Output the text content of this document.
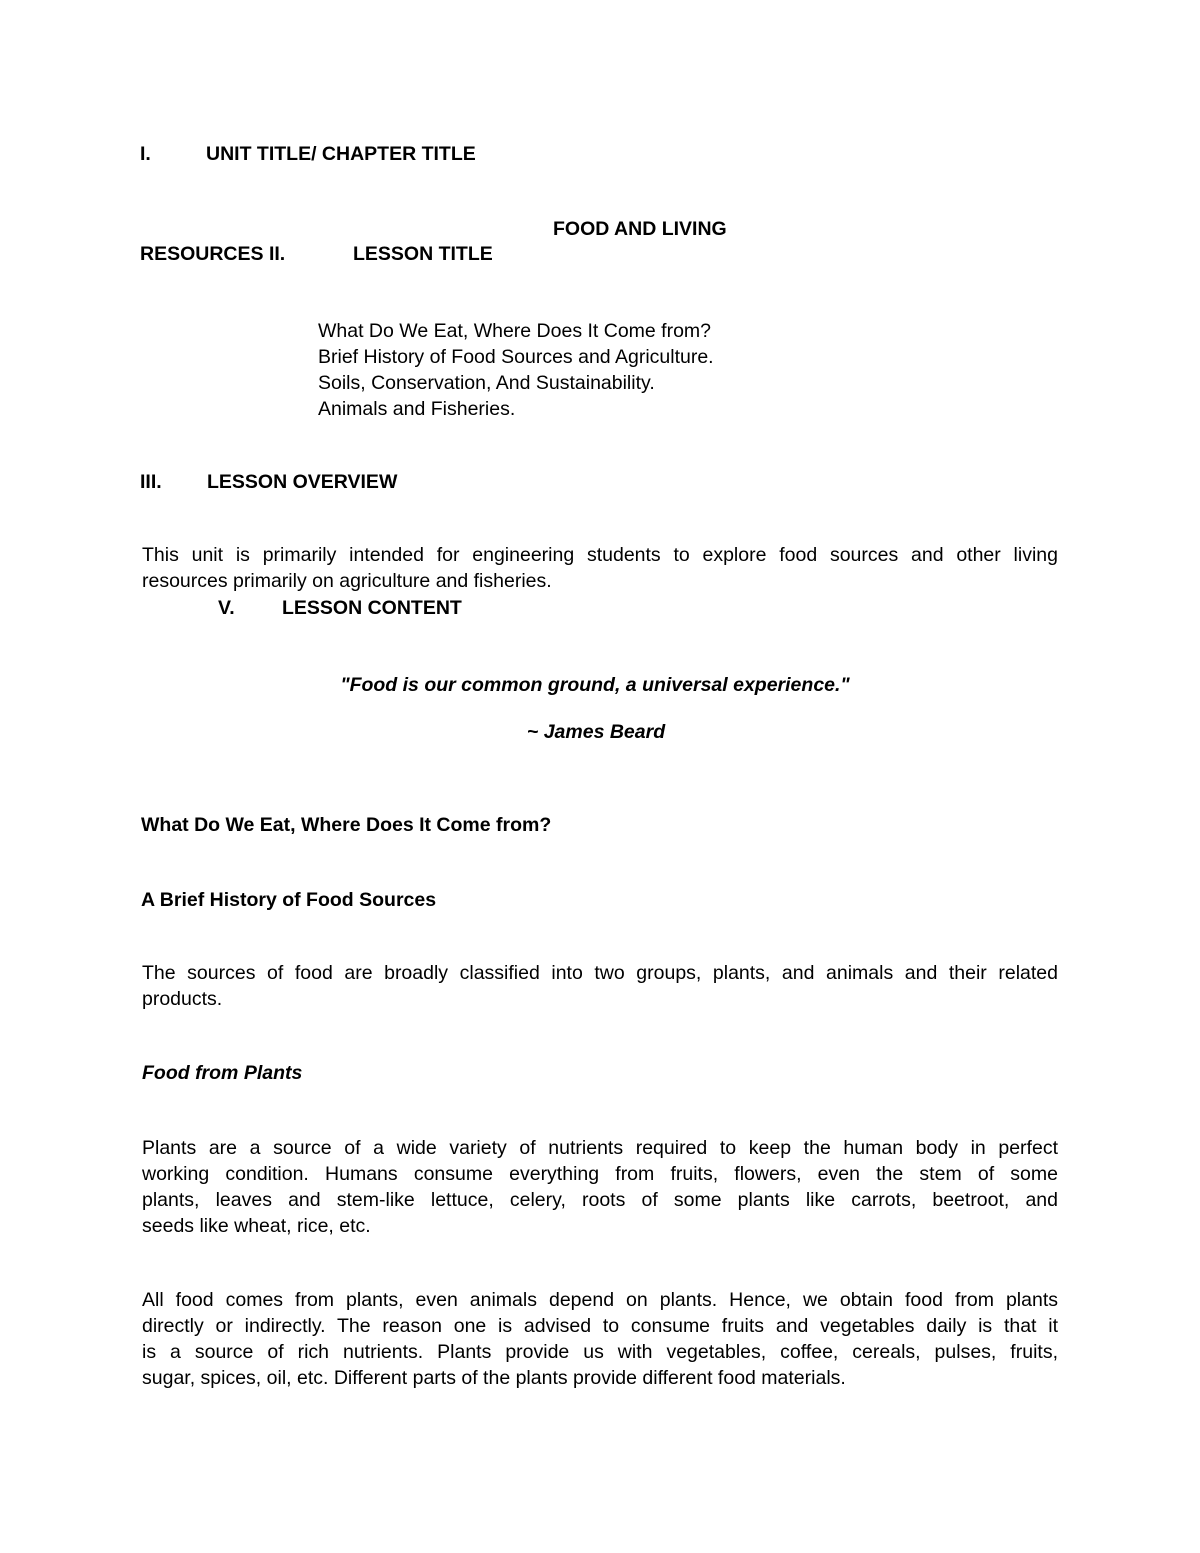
I.	UNIT TITLE/ CHAPTER TITLE
FOOD AND LIVING
RESOURCES II.	LESSON TITLE
What Do We Eat, Where Does It Come from?
Brief History of Food Sources and Agriculture.
Soils, Conservation, And Sustainability.
Animals and Fisheries.
III. LESSON OVERVIEW
This unit is primarily intended for engineering students to explore food sources and other living
resources primarily on agriculture and fisheries.
V. LESSON CONTENT
"Food is our common ground, a universal experience."
~ James Beard
What Do We Eat, Where Does It Come from?
A Brief History of Food Sources
The sources of food are broadly classified into two groups, plants, and animals and their related
products.
Food from Plants
Plants are a source of a wide variety of nutrients required to keep the human body in perfect
working condition. Humans consume everything from fruits, flowers, even the stem of some
plants, leaves and stem-like lettuce, celery, roots of some plants like carrots, beetroot, and
seeds like wheat, rice, etc.
All food comes from plants, even animals depend on plants. Hence, we obtain food from plants
directly or indirectly. The reason one is advised to consume fruits and vegetables daily is that it
is a source of rich nutrients. Plants provide us with vegetables, coffee, cereals, pulses, fruits,
sugar, spices, oil, etc. Different parts of the plants provide different food materials.
